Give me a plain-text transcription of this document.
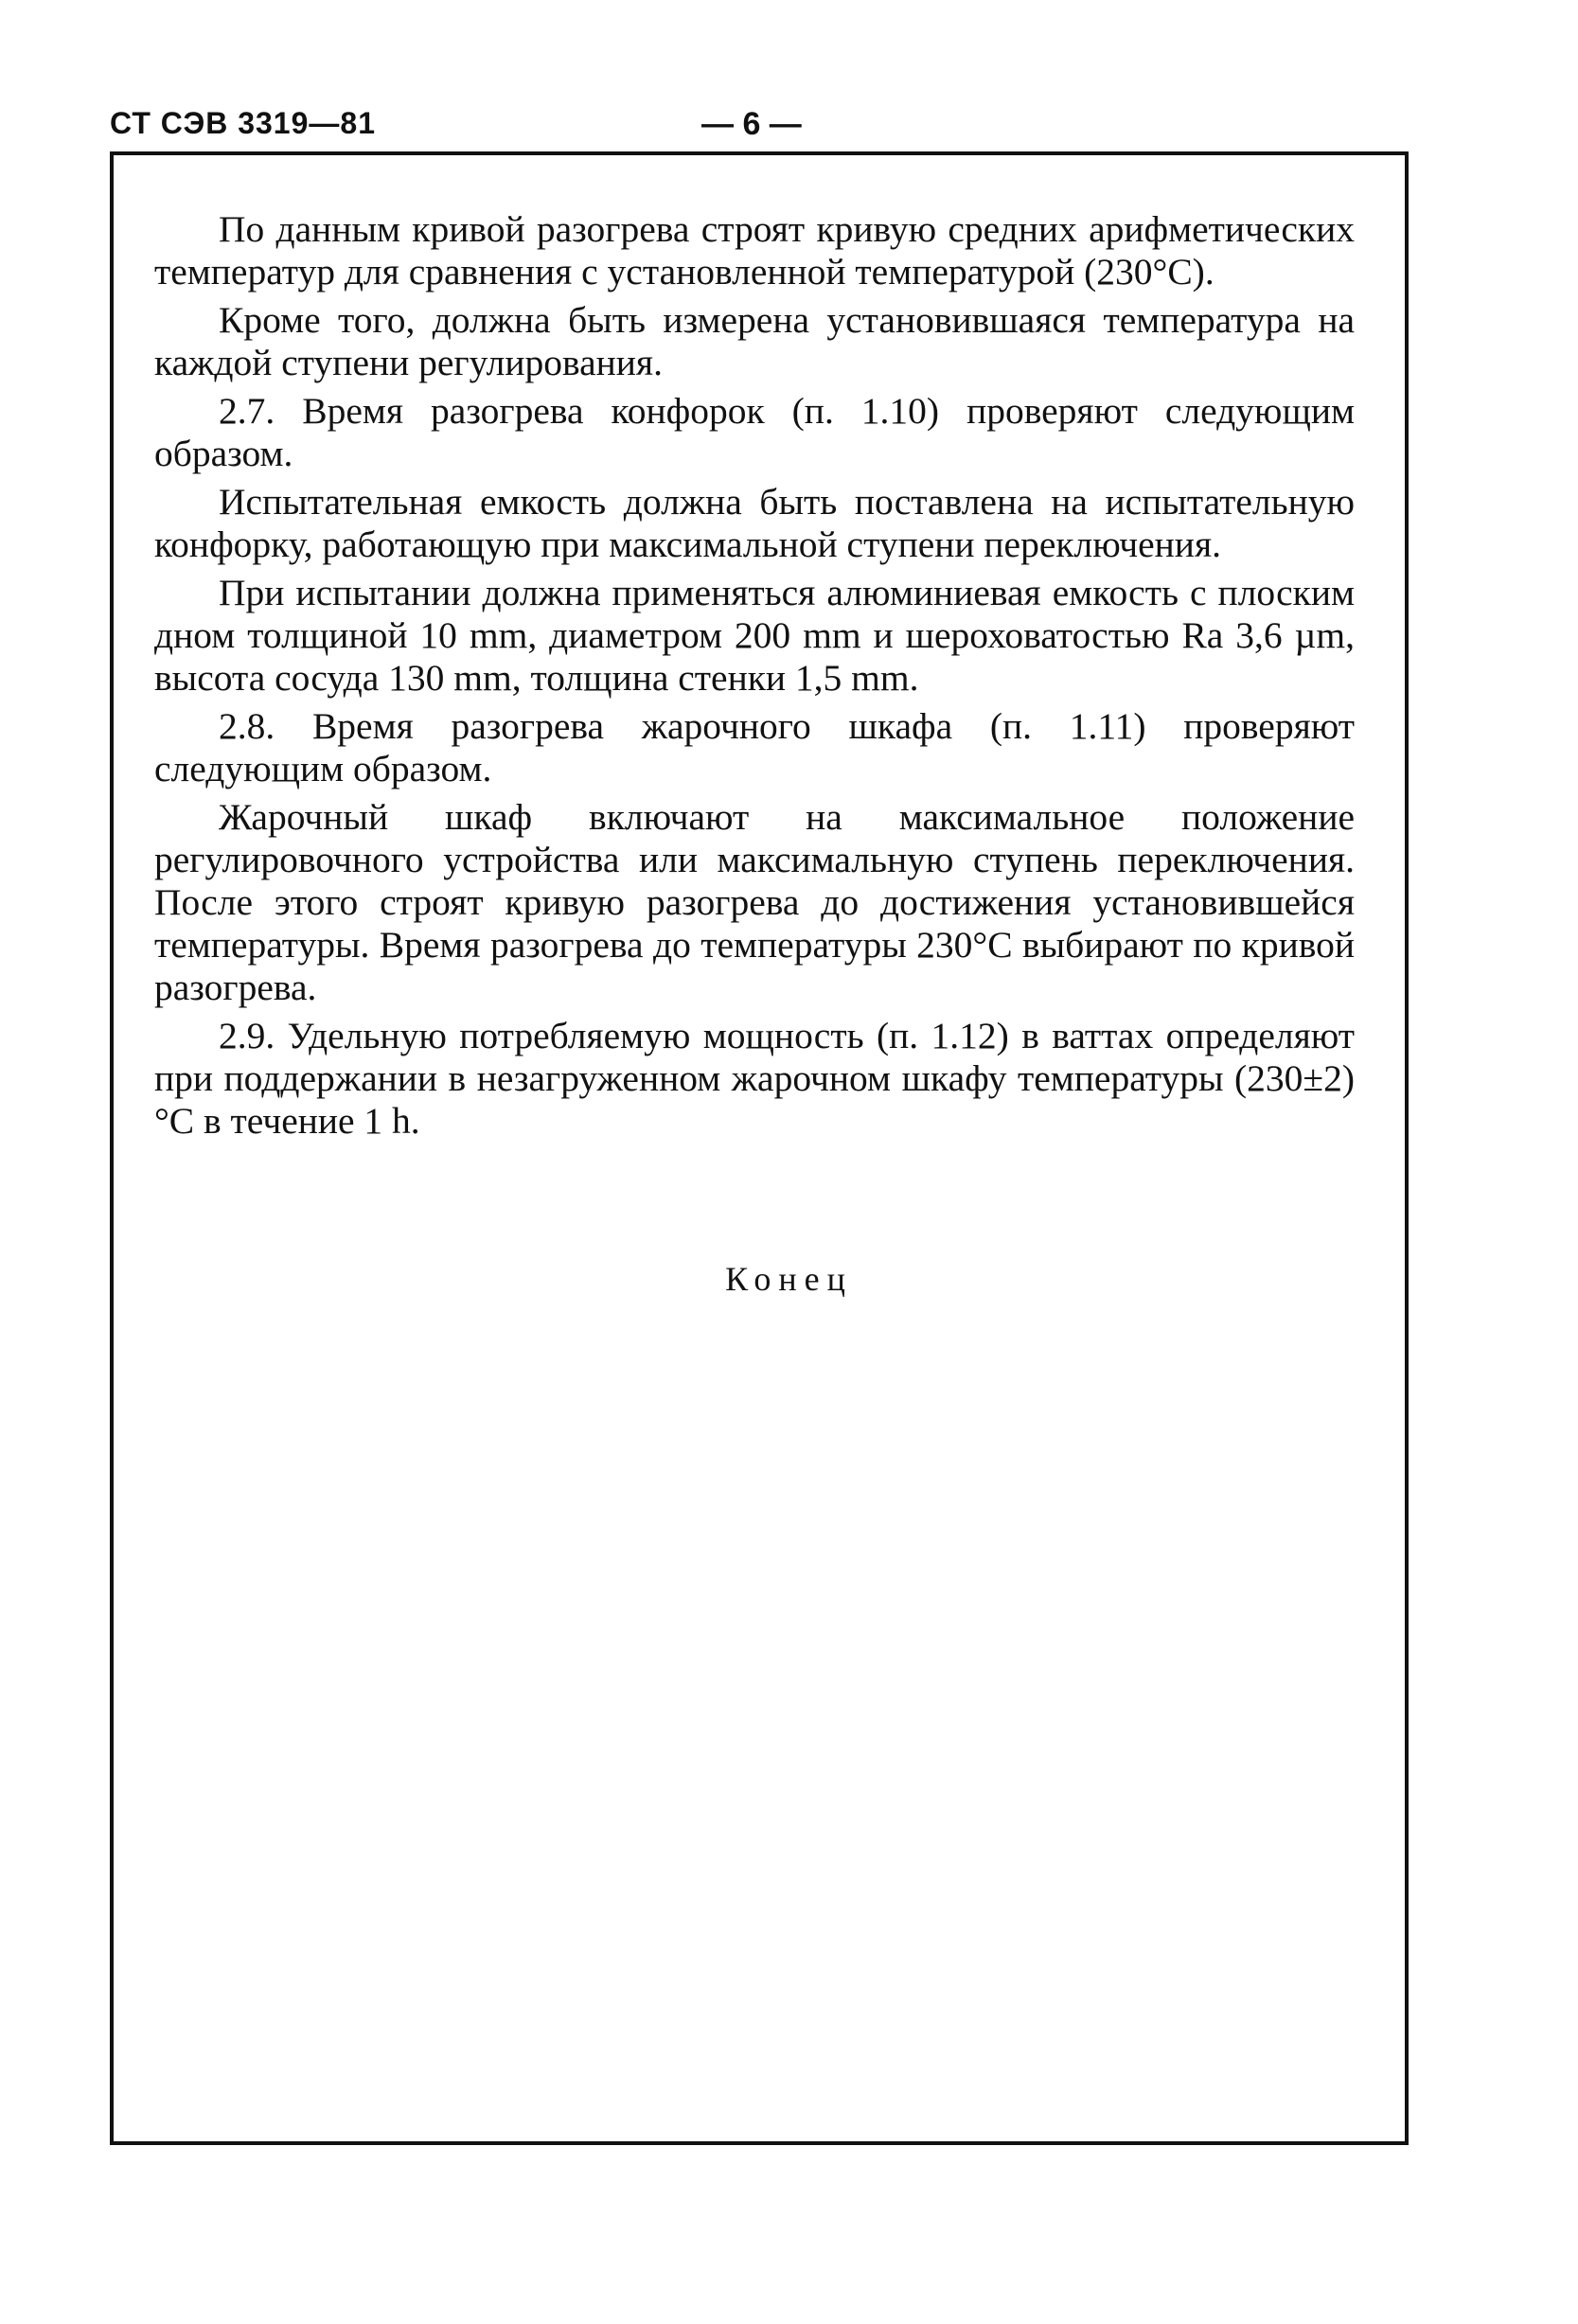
СТ СЭВ 3319—81	— 6 —

По данным кривой разогрева строят кривую средних арифметических температур для сравнения с установленной температурой (230°С).

Кроме того, должна быть измерена установившаяся температура на каждой ступени регулирования.

2.7. Время разогрева конфорок (п. 1.10) проверяют следующим образом.

Испытательная емкость должна быть поставлена на испытательную конфорку, работающую при максимальной ступени переключения.

При испытании должна применяться алюминиевая емкость с плоским дном толщиной 10 mm, диаметром 200 mm и шероховатостью Ra 3,6 µm, высота сосуда 130 mm, толщина стенки 1,5 mm.

2.8. Время разогрева жарочного шкафа (п. 1.11) проверяют следующим образом.

Жарочный шкаф включают на максимальное положение регулировочного устройства или максимальную ступень переключения. После этого строят кривую разогрева до достижения установившейся температуры. Время разогрева до температуры 230°С выбирают по кривой разогрева.

2.9. Удельную потребляемую мощность (п. 1.12) в ваттах определяют при поддержании в незагруженном жарочном шкафу температуры (230±2)°С в течение 1 h.

Конец
